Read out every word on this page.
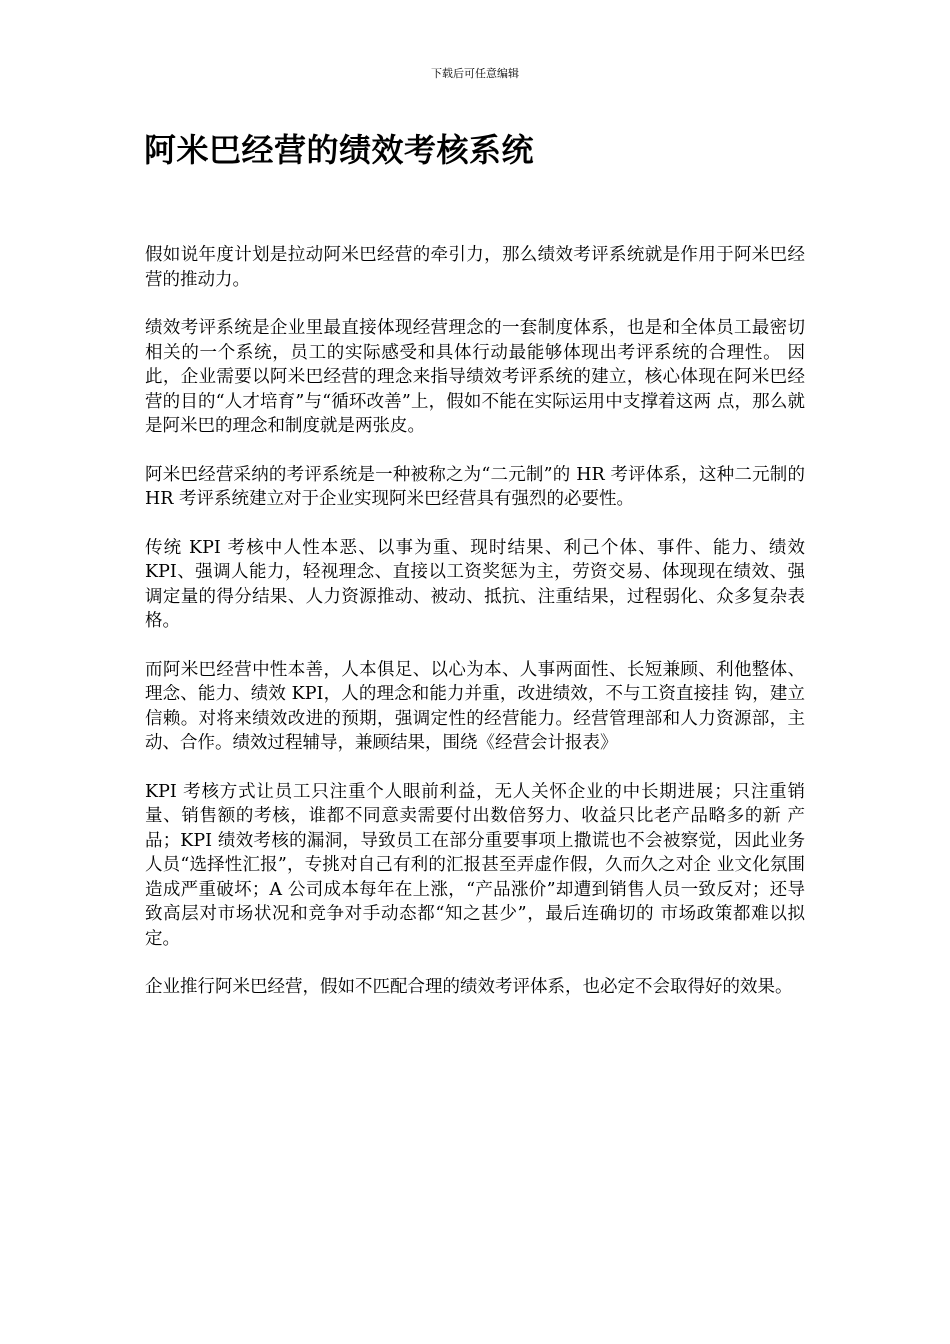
下载后可任意编辑
阿米巴经营的绩效考核系统

假如说年度计划是拉动阿米巴经营的牵引力，那么绩效考评系统就是作用于阿米巴经营的推动力。

绩效考评系统是企业里最直接体现经营理念的一套制度体系，也是和全体员工最密切相关的一个系统，员工的实际感受和具体行动最能够体现出考评系统的合理性。 因此，企业需要以阿米巴经营的理念来指导绩效考评系统的建立，核心体现在阿米巴经营的目的“人才培育”与“循环改善”上，假如不能在实际运用中支撑着这两 点，那么就是阿米巴的理念和制度就是两张皮。

阿米巴经营采纳的考评系统是一种被称之为“二元制”的 HR 考评体系，这种二元制的 HR 考评系统建立对于企业实现阿米巴经营具有强烈的必要性。

传统 KPI 考核中人性本恶、以事为重、现时结果、利己个体、事件、能力、绩效 KPI、强调人能力，轻视理念、直接以工资奖惩为主，劳资交易、体现现在绩效、强调定量的得分结果、人力资源推动、被动、抵抗、注重结果，过程弱化、众多复杂表格。

而阿米巴经营中性本善，人本俱足、以心为本、人事两面性、长短兼顾、利他整体、理念、能力、绩效 KPI，人的理念和能力并重，改进绩效，不与工资直接挂 钩，建立信赖。对将来绩效改进的预期，强调定性的经营能力。经营管理部和人力资源部，主动、合作。绩效过程辅导，兼顾结果，围绕《经营会计报表》

KPI 考核方式让员工只注重个人眼前利益，无人关怀企业的中长期进展；只注重销量、销售额的考核，谁都不同意卖需要付出数倍努力、收益只比老产品略多的新 产品；KPI 绩效考核的漏洞，导致员工在部分重要事项上撒谎也不会被察觉，因此业务人员“选择性汇报”，专挑对自己有利的汇报甚至弄虚作假，久而久之对企 业文化氛围造成严重破坏；A 公司成本每年在上涨，“产品涨价”却遭到销售人员一致反对；还导致高层对市场状况和竞争对手动态都“知之甚少”，最后连确切的 市场政策都难以拟定。

企业推行阿米巴经营，假如不匹配合理的绩效考评体系，也必定不会取得好的效果。
